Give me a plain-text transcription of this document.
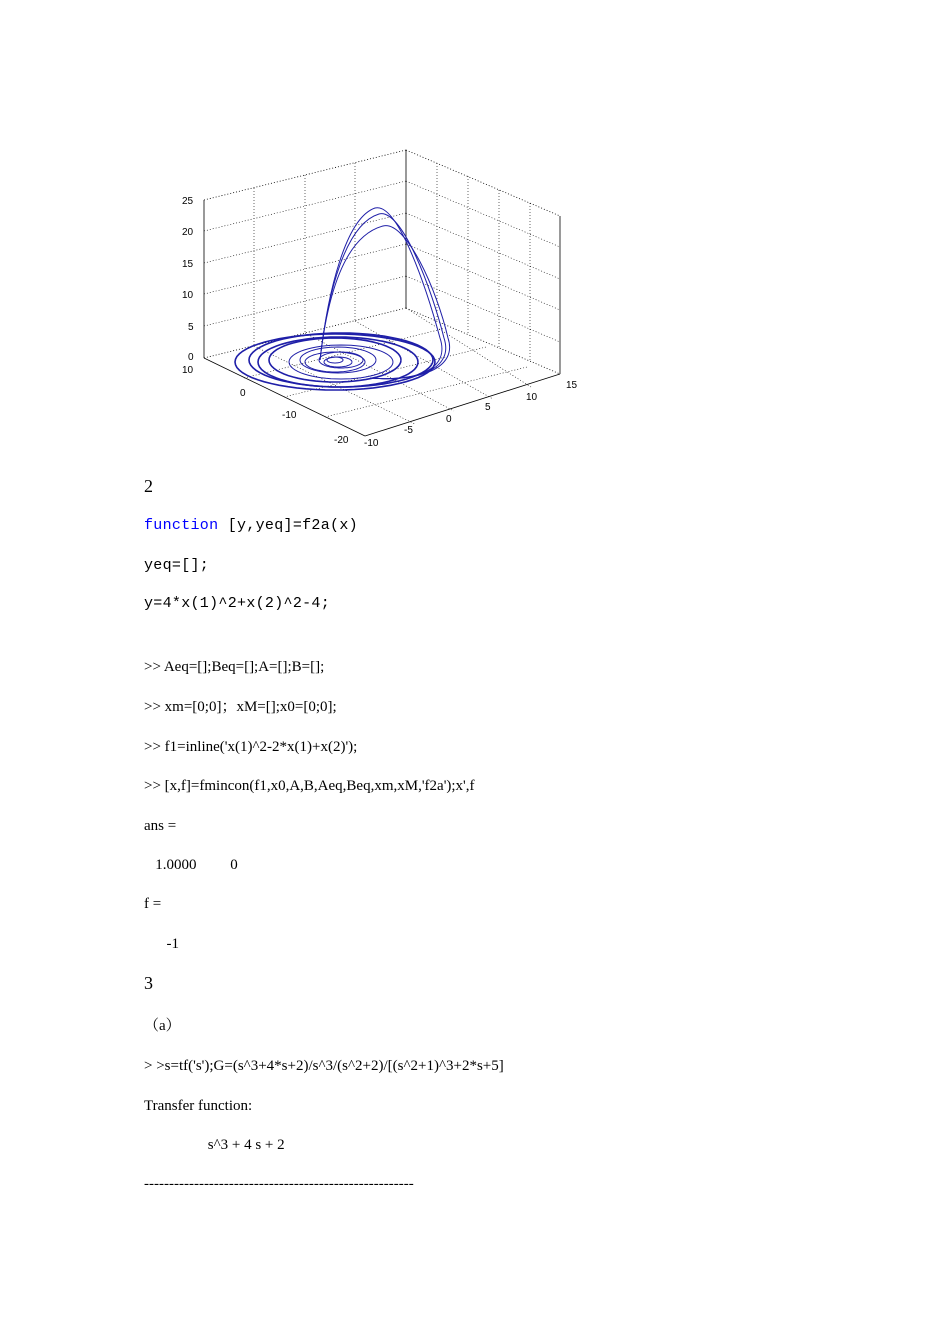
25
20
15
10
5
0
10
0
-10
-20 -10
-5
0
5
10
15
2
function [y,yeq]=f2a(x)
yeq=[];
y=4*x(1)^2+x(2)^2-4;
>> Aeq=[];Beq=[];A=[];B=[];
>> xm=[0;0]；xM=[];x0=[0;0];
>> f1=inline('x(1)^2-2*x(1)+x(2)');
>> [x,f]=fmincon(f1,x0,A,B,Aeq,Beq,xm,xM,'f2a');x',f
ans =
1.0000         0
f =
-1
3
（a）
> >s=tf('s');G=(s^3+4*s+2)/s^3/(s^2+2)/[(s^2+1)^3+2*s+5]
Transfer function:
s^3 + 4 s + 2
------------------------------------------------------
